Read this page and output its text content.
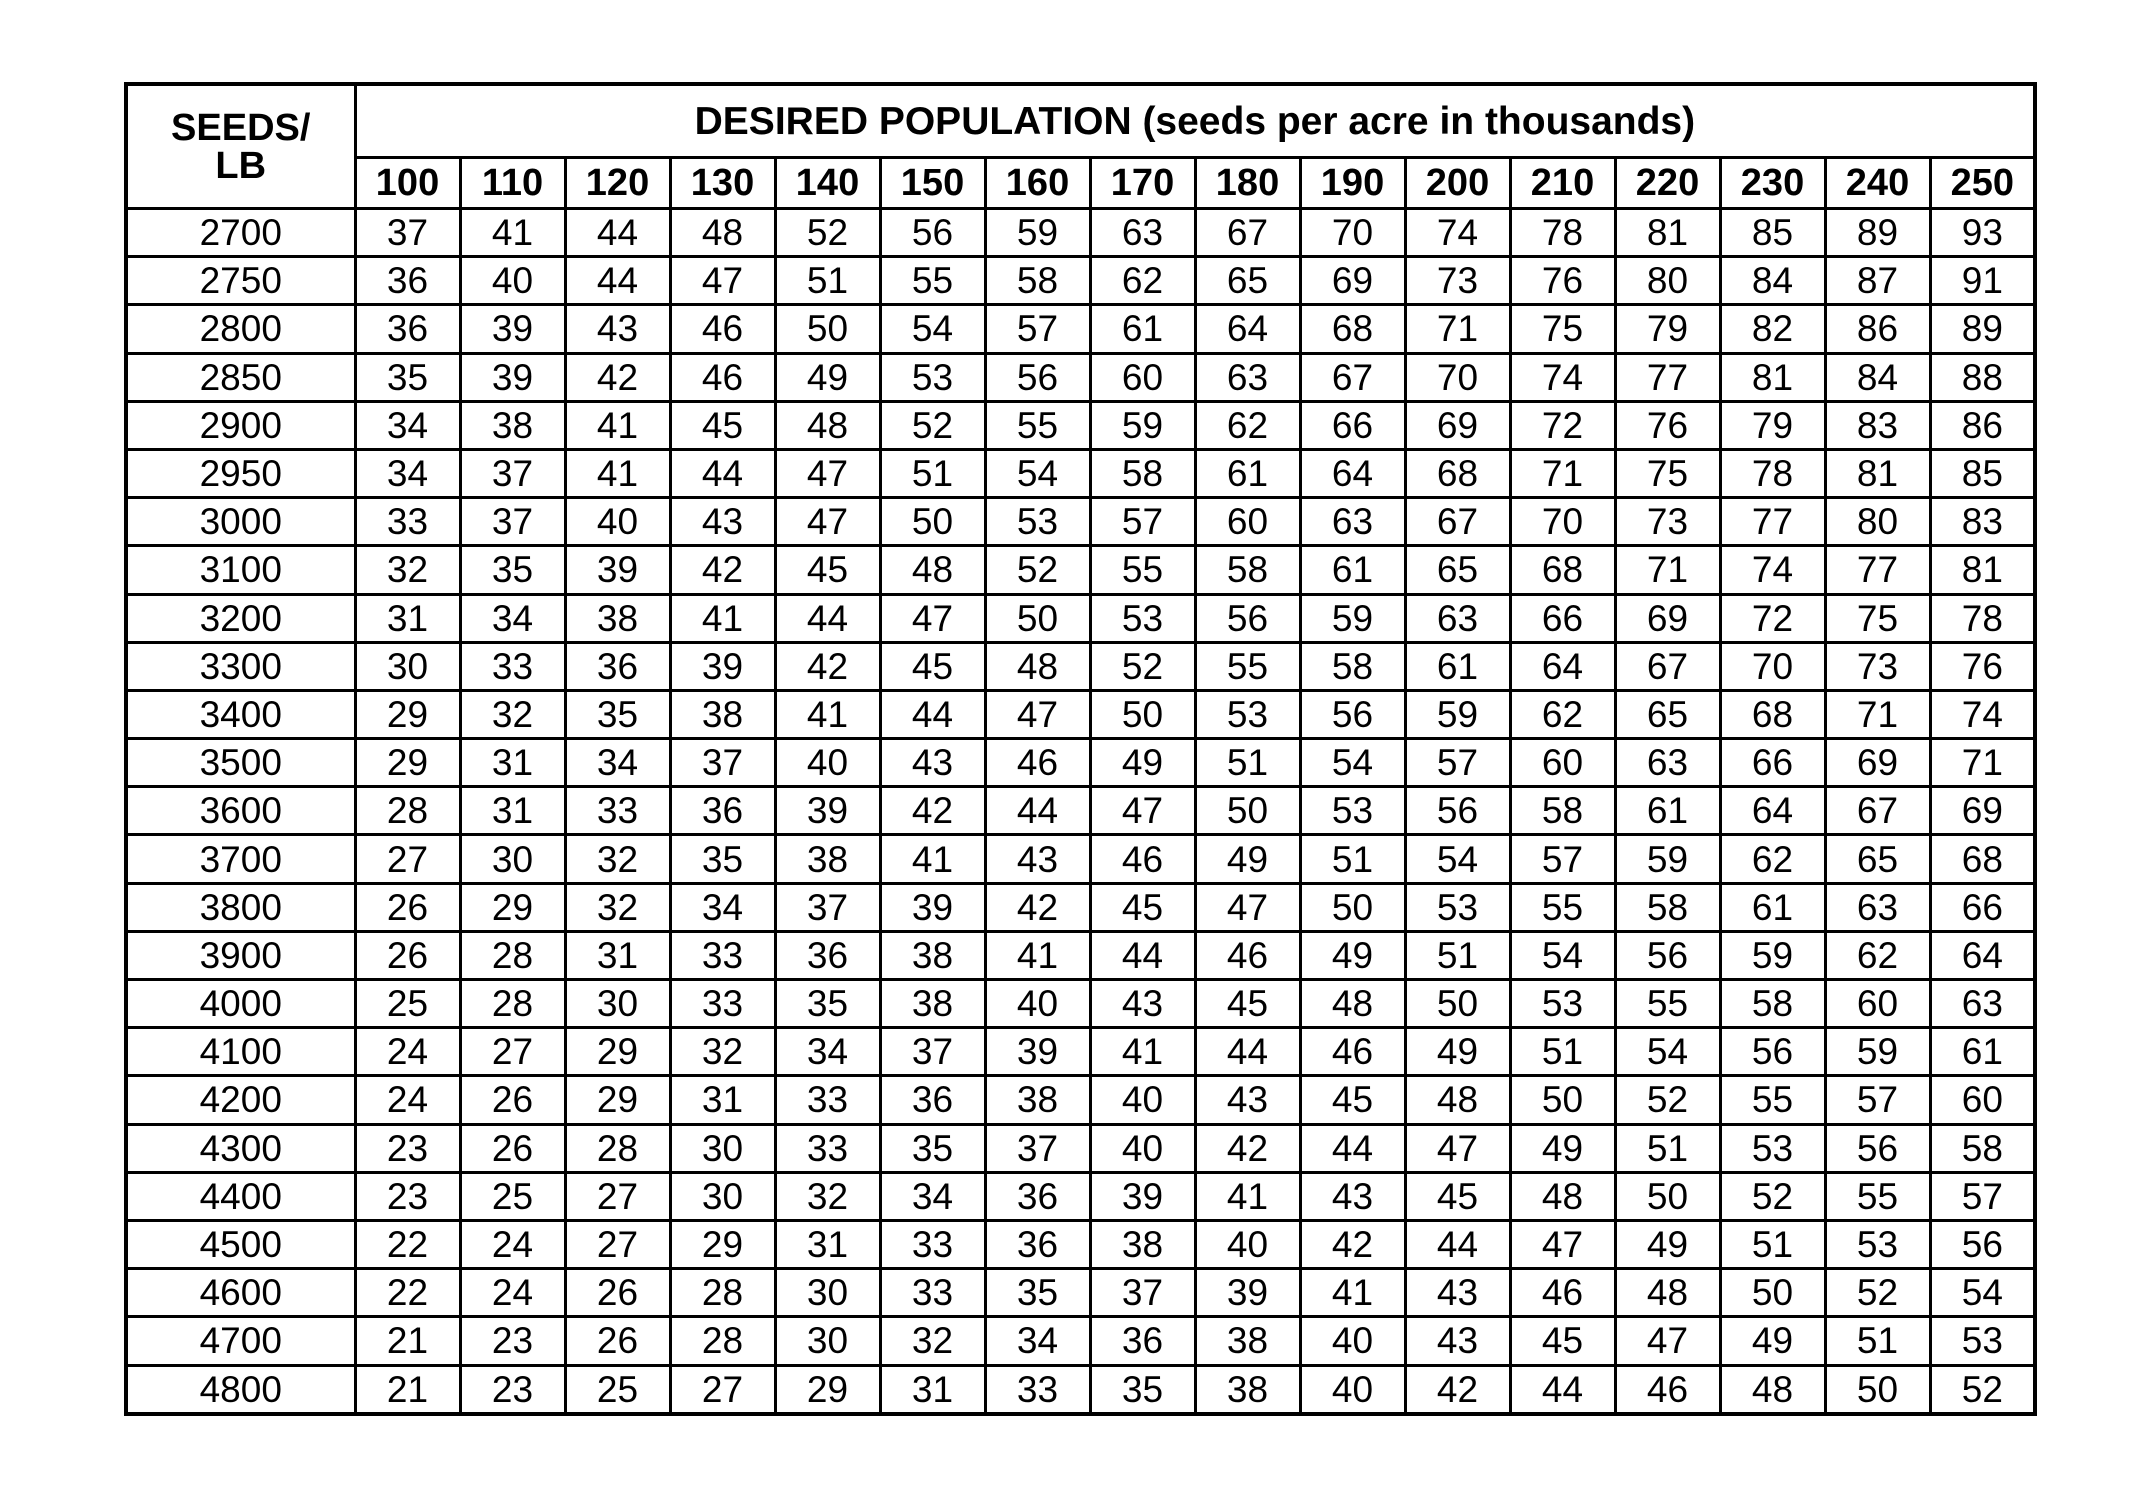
SEEDS/
LB	DESIRED POPULATION (seeds per acre in thousands)															
	100	110	120	130	140	150	160	170	180	190	200	210	220	230	240	250
2700	37	41	44	48	52	56	59	63	67	70	74	78	81	85	89	93
2750	36	40	44	47	51	55	58	62	65	69	73	76	80	84	87	91
2800	36	39	43	46	50	54	57	61	64	68	71	75	79	82	86	89
2850	35	39	42	46	49	53	56	60	63	67	70	74	77	81	84	88
2900	34	38	41	45	48	52	55	59	62	66	69	72	76	79	83	86
2950	34	37	41	44	47	51	54	58	61	64	68	71	75	78	81	85
3000	33	37	40	43	47	50	53	57	60	63	67	70	73	77	80	83
3100	32	35	39	42	45	48	52	55	58	61	65	68	71	74	77	81
3200	31	34	38	41	44	47	50	53	56	59	63	66	69	72	75	78
3300	30	33	36	39	42	45	48	52	55	58	61	64	67	70	73	76
3400	29	32	35	38	41	44	47	50	53	56	59	62	65	68	71	74
3500	29	31	34	37	40	43	46	49	51	54	57	60	63	66	69	71
3600	28	31	33	36	39	42	44	47	50	53	56	58	61	64	67	69
3700	27	30	32	35	38	41	43	46	49	51	54	57	59	62	65	68
3800	26	29	32	34	37	39	42	45	47	50	53	55	58	61	63	66
3900	26	28	31	33	36	38	41	44	46	49	51	54	56	59	62	64
4000	25	28	30	33	35	38	40	43	45	48	50	53	55	58	60	63
4100	24	27	29	32	34	37	39	41	44	46	49	51	54	56	59	61
4200	24	26	29	31	33	36	38	40	43	45	48	50	52	55	57	60
4300	23	26	28	30	33	35	37	40	42	44	47	49	51	53	56	58
4400	23	25	27	30	32	34	36	39	41	43	45	48	50	52	55	57
4500	22	24	27	29	31	33	36	38	40	42	44	47	49	51	53	56
4600	22	24	26	28	30	33	35	37	39	41	43	46	48	50	52	54
4700	21	23	26	28	30	32	34	36	38	40	43	45	47	49	51	53
4800	21	23	25	27	29	31	33	35	38	40	42	44	46	48	50	52
